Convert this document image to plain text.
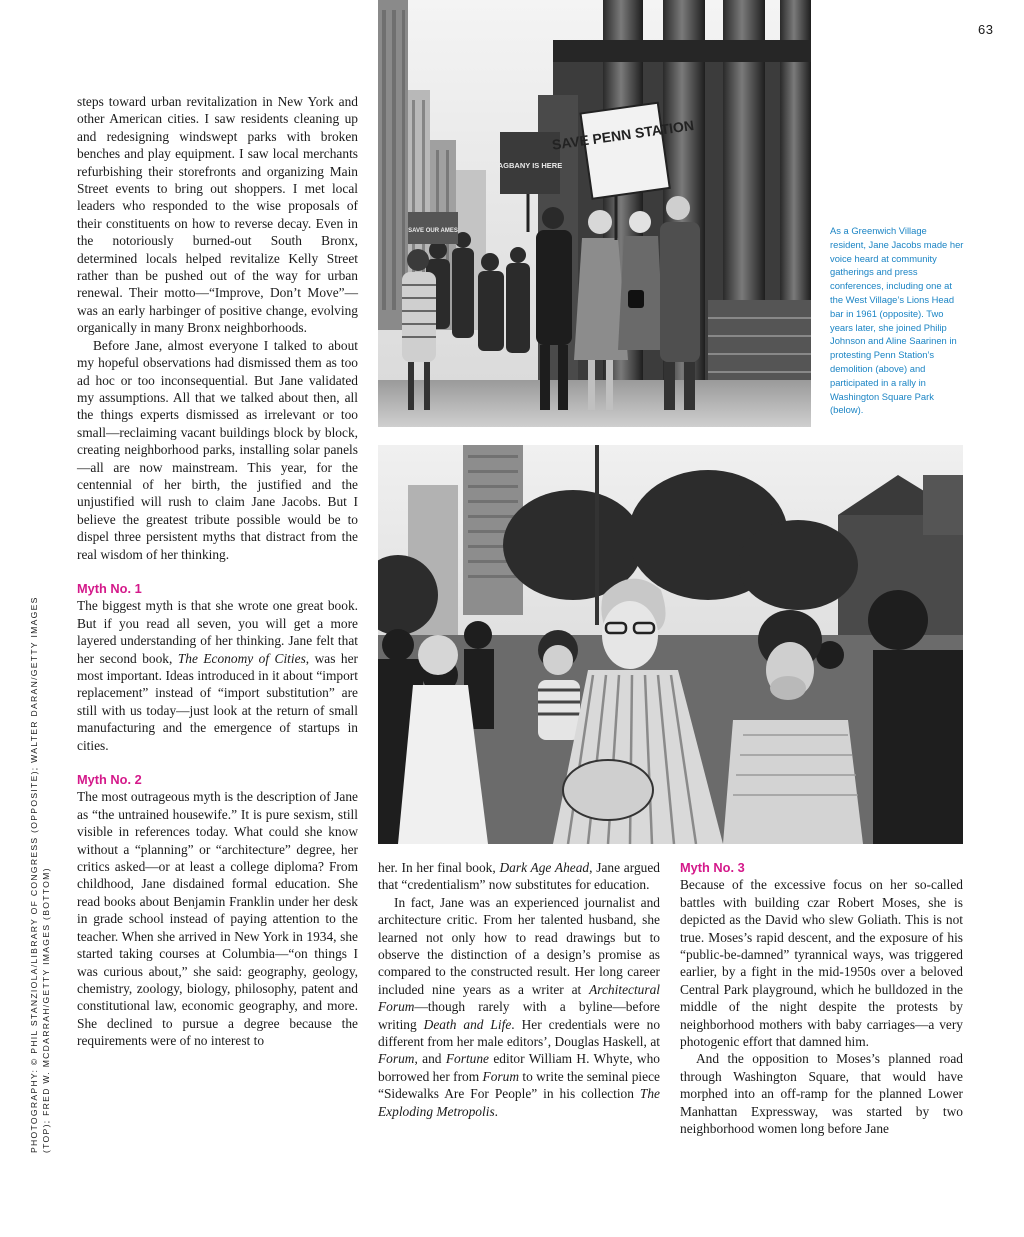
63
PHOTOGRAPHY: © PHIL STANZIOLA/LIBRARY OF CONGRESS (OPPOSITE); WALTER DARAN/GETTY IMAGES (TOP); FRED W. MCDARRAH/GETTY IMAGES (BOTTOM)
SAVE PENN STATION
AGBANY IS HERE
SAVE OUR AMES	As a Greenwich Village resident, Jane Jacobs made her voice heard at community gatherings and press conferences, including one at the West Village’s Lions Head bar in 1961 (opposite). Two years later, she joined Philip Johnson and Aline Saarinen in protesting Penn Station’s demolition (above) and participated in a rally in Washington Square Park (below).

steps toward urban revitalization in New York and other American cities. I saw residents cleaning up and redesigning windswept parks with broken benches and play equipment. I saw local merchants refurbishing their storefronts and organizing Main Street events to bring out shoppers. I met local leaders who responded to the wise proposals of their constituents on how to reverse decay. Even in the notoriously burned-out South Bronx, determined locals helped revitalize Kelly Street rather than be pushed out of the way for urban renewal. Their motto—“Improve, Don’t Move”—was an early harbinger of positive change, evolving organically in many Bronx neighborhoods.

Before Jane, almost everyone I talked to about my hopeful observations had dismissed them as too ad hoc or too inconsequential. But Jane validated my assumptions. All that we talked about then, all the things experts dismissed as irrelevant or too small—reclaiming vacant buildings block by block, creating neighborhood parks, installing solar panels—all are now mainstream. This year, for the centennial of her birth, the justified and the unjustified will rush to claim Jane Jacobs. But I believe the greatest tribute possible would be to dispel three persistent myths that distract from the real wisdom of her thinking.

Myth No. 1

The biggest myth is that she wrote one great book. But if you read all seven, you will get a more layered understanding of her thinking. Jane felt that her second book, The Economy of Cities, was her most important. Ideas introduced in it about “import replacement” instead of “import substitution” are still with us today—just look at the return of small manufacturing and the emergence of startups in cities.

Myth No. 2

The most outrageous myth is the description of Jane as “the untrained housewife.” It is pure sexism, still visible in references today. What could she know without a “planning” or “architecture” degree, her critics asked—or at least a college diploma? From childhood, Jane disdained formal education. She read books about Benjamin Franklin under her desk in grade school instead of paying attention to the teacher. When she arrived in New York in 1934, she started taking courses at Columbia—“on things I was curious about,” she said: geography, geology, chemistry, zoology, biology, philosophy, patent and constitutional law, economic geography, and more. She declined to pursue a degree because the requirements were of no interest to

her. In her final book, Dark Age Ahead, Jane argued that “credentialism” now substitutes for education.

In fact, Jane was an experienced journalist and architecture critic. From her talented husband, she learned not only how to read drawings but to observe the distinction of a design’s promise as compared to the constructed result. Her long career included nine years as a writer at Architectural Forum—though rarely with a byline—before writing Death and Life. Her credentials were no different from her male editors’, Douglas Haskell, at Forum, and Fortune editor William H. Whyte, who borrowed her from Forum to write the seminal piece “Sidewalks Are For People” in his collection The Exploding Metropolis.

Myth No. 3

Because of the excessive focus on her so-called battles with building czar Robert Moses, she is depicted as the David who slew Goliath. This is not true. Moses’s rapid descent, and the exposure of his “public-be-damned” tyrannical ways, was triggered earlier, by a fight in the mid-1950s over a beloved Central Park playground, which he bulldozed in the middle of the night despite the protests by neighborhood mothers with baby carriages—a very photogenic effort that damned him.

And the opposition to Moses’s planned road through Washington Square, that would have morphed into an off-ramp for the planned Lower Manhattan Expressway, was started by two neighborhood women long before Jane
